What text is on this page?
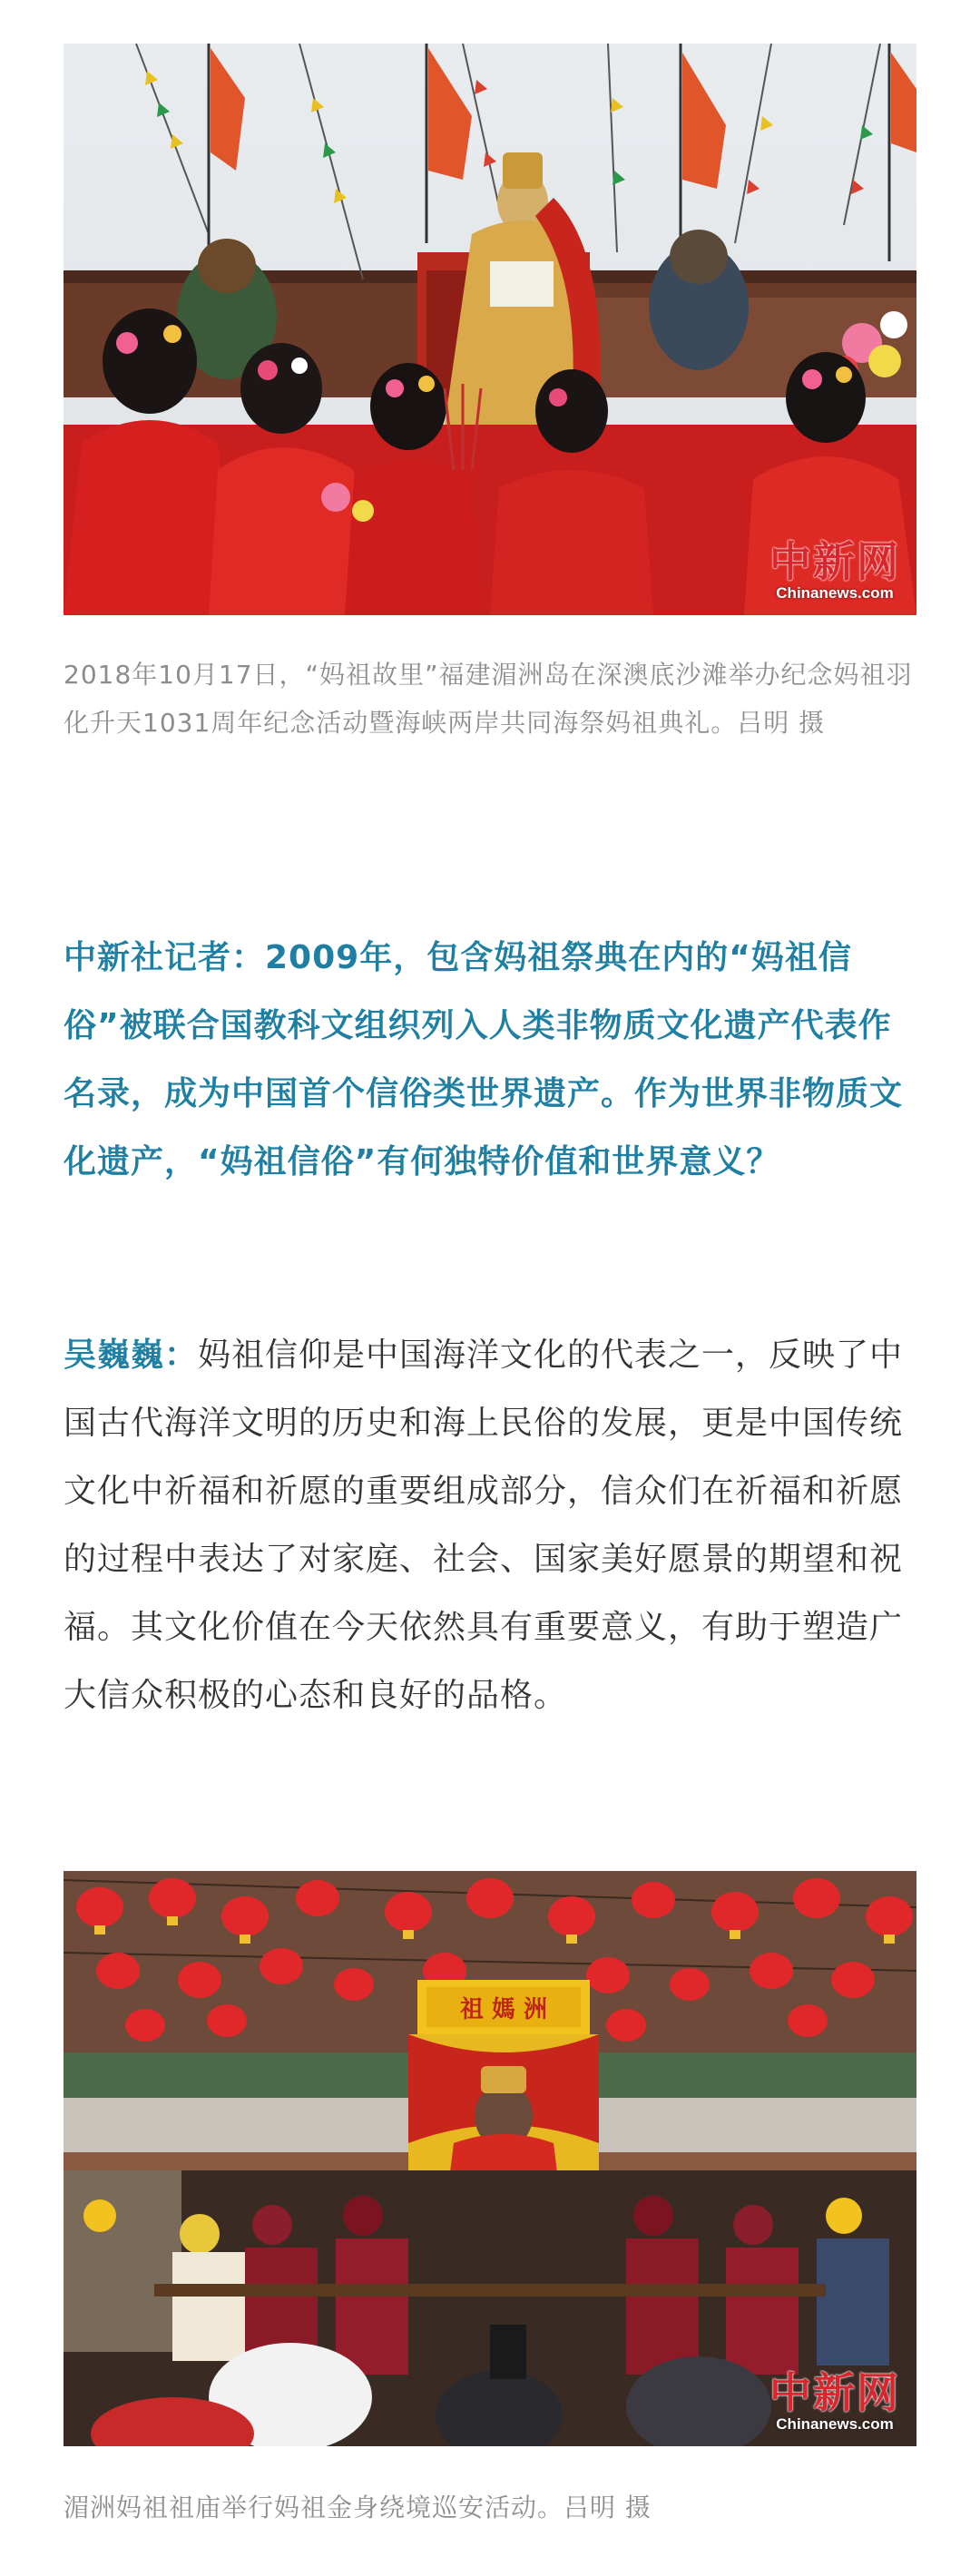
中新网
Chinanews.com

2018年10月17日，“妈祖故里”福建湄洲岛在深澳底沙滩举办纪念妈祖羽化升天1031周年纪念活动暨海峡两岸共同海祭妈祖典礼。吕明 摄

中新社记者：2009年，包含妈祖祭典在内的“妈祖信俗”被联合国教科文组织列入人类非物质文化遗产代表作名录，成为中国首个信俗类世界遗产。作为世界非物质文化遗产，“妈祖信俗”有何独特价值和世界意义？

吴巍巍：妈祖信仰是中国海洋文化的代表之一，反映了中国古代海洋文明的历史和海上民俗的发展，更是中国传统文化中祈福和祈愿的重要组成部分，信众们在祈福和祈愿的过程中表达了对家庭、社会、国家美好愿景的期望和祝福。其文化价值在今天依然具有重要意义，有助于塑造广大信众积极的心态和良好的品格。

祖 媽 洲
中新网
Chinanews.com

湄洲妈祖祖庙举行妈祖金身绕境巡安活动。吕明 摄
